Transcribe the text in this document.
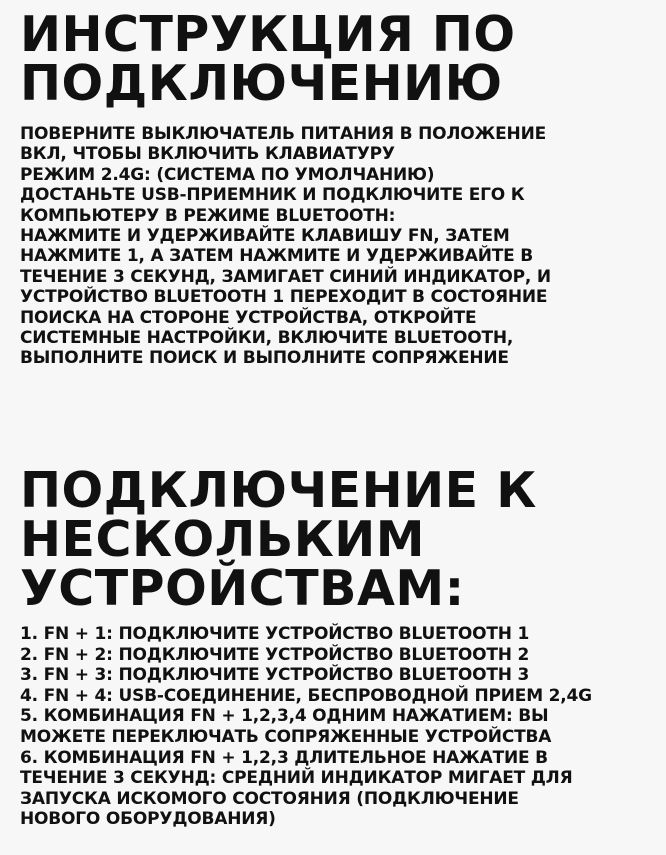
ИНСТРУКЦИЯ ПО
ПОДКЛЮЧЕНИЮ
ПОВЕРНИТЕ ВЫКЛЮЧАТЕЛЬ ПИТАНИЯ В ПОЛОЖЕНИЕ
ВКЛ, ЧТОБЫ ВКЛЮЧИТЬ КЛАВИАТУРУ
РЕЖИМ 2.4G: (СИСТЕМА ПО УМОЛЧАНИЮ)
ДОСТАНЬТЕ USB-ПРИЕМНИК И ПОДКЛЮЧИТЕ ЕГО К
КОМПЬЮТЕРУ В РЕЖИМЕ BLUETOOTH:
НАЖМИТЕ И УДЕРЖИВАЙТЕ КЛАВИШУ FN, ЗАТЕМ
НАЖМИТЕ 1, А ЗАТЕМ НАЖМИТЕ И УДЕРЖИВАЙТЕ В
ТЕЧЕНИЕ 3 СЕКУНД, ЗАМИГАЕТ СИНИЙ ИНДИКАТОР, И
УСТРОЙСТВО BLUETOOTH 1 ПЕРЕХОДИТ В СОСТОЯНИЕ
ПОИСКА НА СТОРОНЕ УСТРОЙСТВА, ОТКРОЙТЕ
СИСТЕМНЫЕ НАСТРОЙКИ, ВКЛЮЧИТЕ BLUETOOTH,
ВЫПОЛНИТЕ ПОИСК И ВЫПОЛНИТЕ СОПРЯЖЕНИЕ
ПОДКЛЮЧЕНИЕ К
НЕСКОЛЬКИМ
УСТРОЙСТВАМ:
1. FN + 1: ПОДКЛЮЧИТЕ УСТРОЙСТВО BLUETOOTH 1
2. FN + 2: ПОДКЛЮЧИТЕ УСТРОЙСТВО BLUETOOTH 2
3. FN + 3: ПОДКЛЮЧИТЕ УСТРОЙСТВО BLUETOOTH 3
4. FN + 4: USB-СОЕДИНЕНИЕ, БЕСПРОВОДНОЙ ПРИЕМ 2,4G
5. КОМБИНАЦИЯ FN + 1,2,3,4 ОДНИМ НАЖАТИЕМ: ВЫ
МОЖЕТЕ ПЕРЕКЛЮЧАТЬ СОПРЯЖЕННЫЕ УСТРОЙСТВА
6. КОМБИНАЦИЯ FN + 1,2,3 ДЛИТЕЛЬНОЕ НАЖАТИЕ В
ТЕЧЕНИЕ 3 СЕКУНД: СРЕДНИЙ ИНДИКАТОР МИГАЕТ ДЛЯ
ЗАПУСКА ИСКОМОГО СОСТОЯНИЯ (ПОДКЛЮЧЕНИЕ
НОВОГО ОБОРУДОВАНИЯ)
